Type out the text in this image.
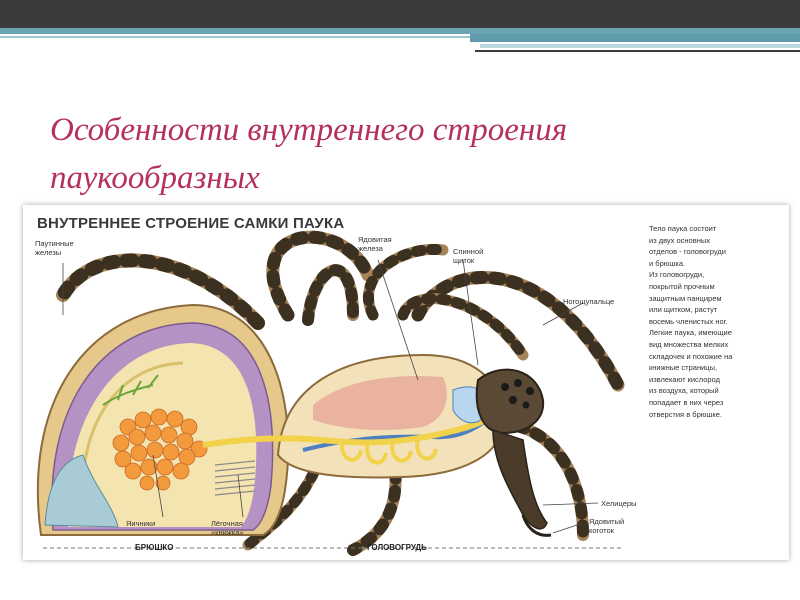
Особенности внутреннего строения
паукообразных
ВНУТРЕННЕЕ СТРОЕНИЕ САМКИ ПАУКА
Паутинные
железы
Ядовитая
железа	Спинной
щиток
Ногощупальце
Яичники	Лёгочная
«книжка»
БРЮШКО	ГОЛОВОГРУДЬ
Хелицеры
Ядовитый
коготок
Тело паука состоит
из двух основных
отделов - головогруди
и брюшка.
Из головогруди,
покрытой прочным
защитным панцирем
или щитком, растут
восемь членистых ног.
Легкие паука, имеющие
вид множества мелких
складочек и похожие на
книжные страницы,
извлекают кислород
из воздуха, который
попадает в них через
отверстия в брюшке.
